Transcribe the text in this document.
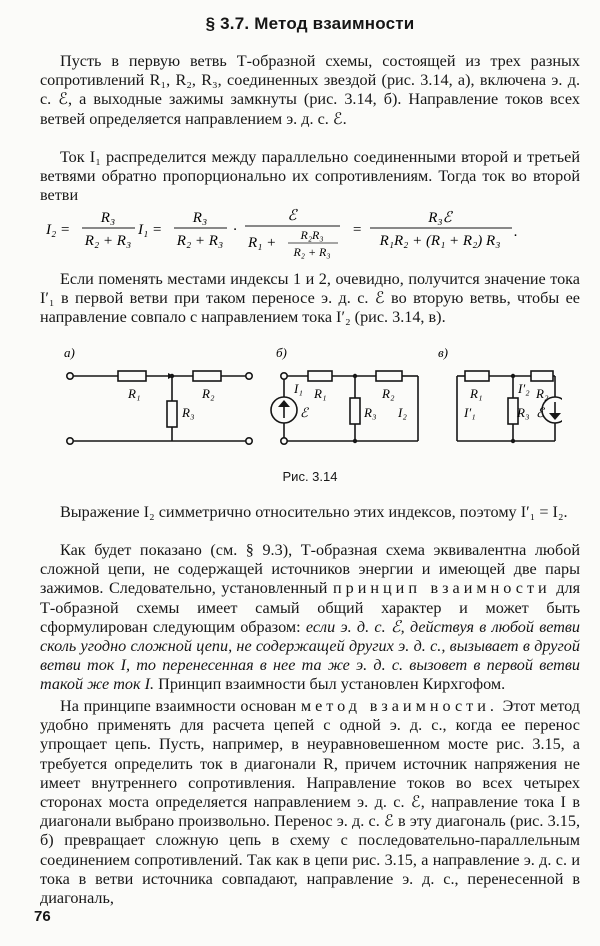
§ 3.7. Метод взаимности

Пусть в первую ветвь Т-образной схемы, состоящей из трех разных сопротивлений R₁, R₂, R₃, соединенных звездой (рис. 3.14, а), включена э. д. с. ℰ, а выходные зажимы замкнуты (рис. 3.14, б). Направление токов всех ветвей определяется направлением э. д. с. ℰ.

Ток I₁ распределится между параллельно соединенными второй и третьей ветвями обратно пропорционально их сопротивлениям. Тогда ток во второй ветви

I₂ =
R₃
R₂ + R₃
I₁ =
R₃
R₂ + R₃
·
ℰ
R₁ + R₂R₃
R₂ + R₃
=
R₃ℰ
R₁R₂ + (R₁ + R₂) R₃
.

Если поменять местами индексы 1 и 2, очевидно, получится значение тока I′₁ в первой ветви при таком переносе э. д. с. ℰ во вторую ветвь, чтобы ее направление совпало с направлением тока I′₂ (рис. 3.14, в).

а)	б)	в)
R₁	R₂
R₃
I₁ R₁	R₂
R₃ I₂
ℰ
R₁	I′₂ R₂
R₃
I′₁	ℰ
Рис. 3.14

Выражение I₂ симметрично относительно этих индексов, поэтому I′₁ = I₂.

Как будет показано (см. § 9.3), Т-образная схема эквивалентна любой сложной цепи, не содержащей источников энергии и имеющей две пары зажимов. Следовательно, установленный принцип взаимности для Т-образной схемы имеет самый общий характер и может быть сформулирован следующим образом: если э. д. с. ℰ, действуя в любой ветви сколь угодно сложной цепи, не содержащей других э. д. с., вызывает в другой ветви ток I, то перенесенная в нее та же э. д. с. вызовет в первой ветви такой же ток I. Принцип взаимности был установлен Кирхгофом.

На принципе взаимности основан метод взаимности. Этот метод удобно применять для расчета цепей с одной э. д. с., когда ее перенос упрощает цепь. Пусть, например, в неуравновешенном мосте рис. 3.15, а требуется определить ток в диагонали R, причем источник напряжения не имеет внутреннего сопротивления. Направление токов во всех четырех сторонах моста определяется направлением э. д. с. ℰ, направление тока I в диагонали выбрано произвольно. Перенос э. д. с. ℰ в эту диагональ (рис. 3.15, б) превращает сложную цепь в схему с последовательно-параллельным соединением сопротивлений. Так как в цепи рис. 3.15, а направление э. д. с. и тока в ветви источника совпадают, направление э. д. с., перенесенной в диагональ,

76
